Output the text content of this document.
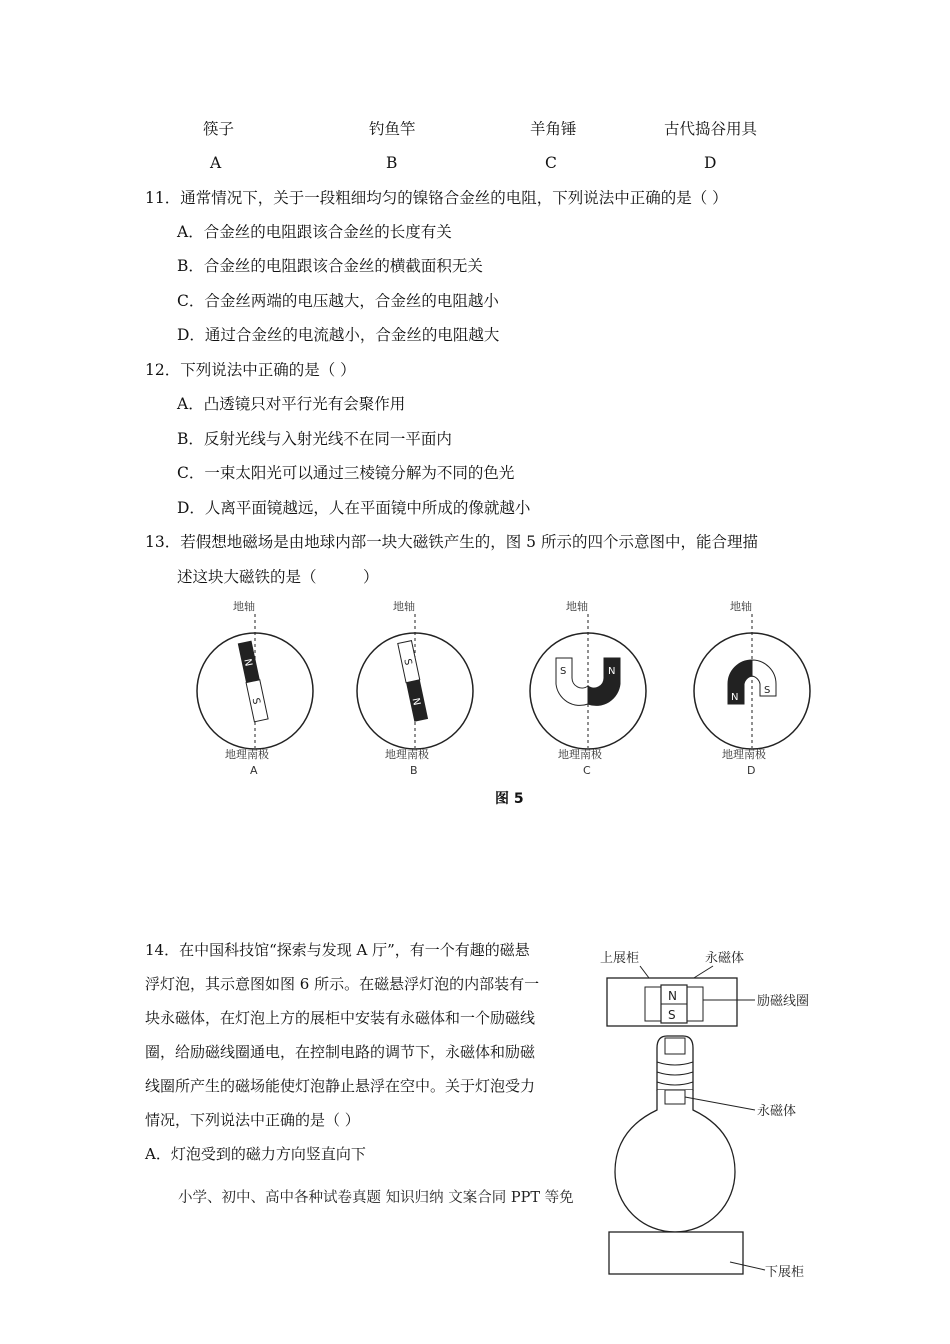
筷子	钓鱼竿	羊角锤	古代捣谷用具
A	B	C	D
11．通常情况下，关于一段粗细均匀的镍铬合金丝的电阻，下列说法中正确的是（ ）
A．合金丝的电阻跟该合金丝的长度有关
B．合金丝的电阻跟该合金丝的横截面积无关
C．合金丝两端的电压越大，合金丝的电阻越小
D．通过合金丝的电流越小，合金丝的电阻越大
12．下列说法中正确的是（ ）
A．凸透镜只对平行光有会聚作用
B．反射光线与入射光线不在同一平面内
C．一束太阳光可以通过三棱镜分解为不同的色光
D．人离平面镜越远，人在平面镜中所成的像就越小
13．若假想地磁场是由地球内部一块大磁铁产生的，图 5 所示的四个示意图中，能合理描
述这块大磁铁的是（　　　）
地轴
N
S
地理南极
A
地轴
S
N
地理南极
B
地轴
S	N
地理南极
C
地轴
N
S
地理南极
D
图 5
14．在中国科技馆“探索与发现 A 厅”，有一个有趣的磁悬
浮灯泡，其示意图如图 6 所示。在磁悬浮灯泡的内部装有一
块永磁体，在灯泡上方的展柜中安装有永磁体和一个励磁线
圈，给励磁线圈通电，在控制电路的调节下，永磁体和励磁
线圈所产生的磁场能使灯泡静止悬浮在空中。关于灯泡受力
情况，下列说法中正确的是（ ）
A．灯泡受到的磁力方向竖直向下
小学、初中、高中各种试卷真题 知识归纳 文案合同 PPT 等免
上展柜	永磁体
N
S
励磁线圈
永磁体
下展柜
